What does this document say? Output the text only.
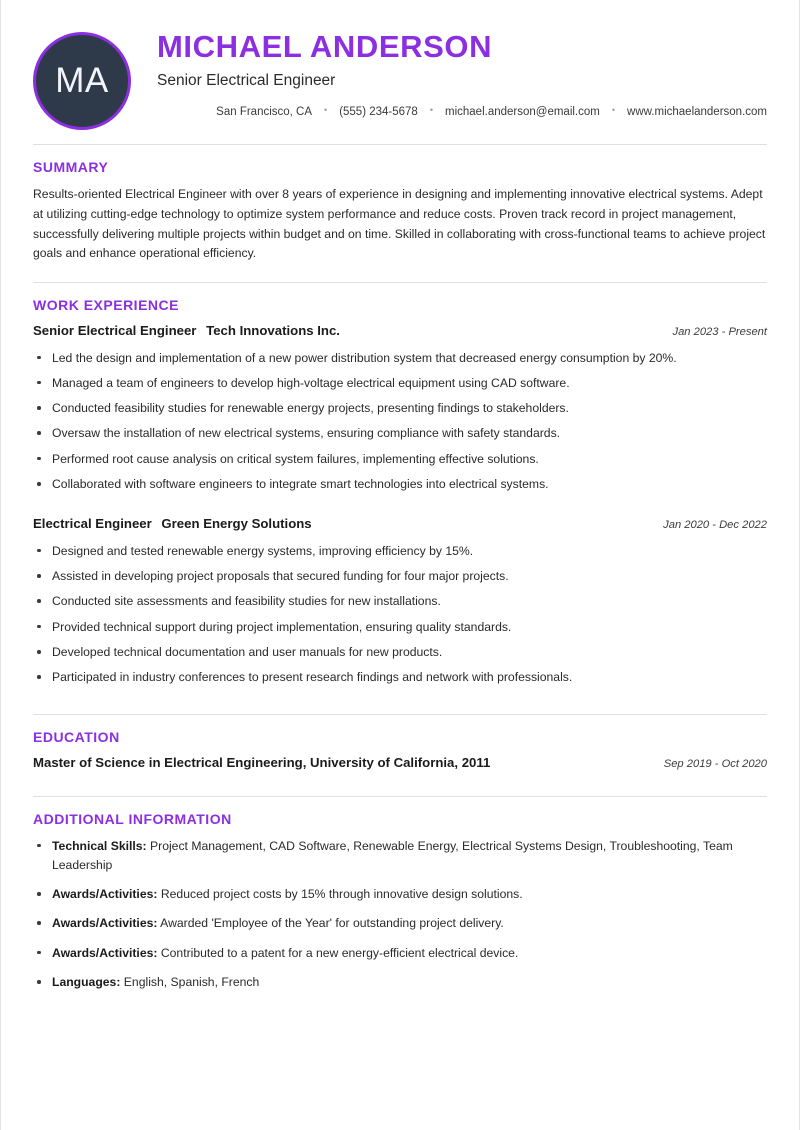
MA
MICHAEL ANDERSON
Senior Electrical Engineer
San Francisco, CA	•	(555) 234-5678	•	michael.anderson@email.com	•	www.michaelanderson.com
SUMMARY

Results-oriented Electrical Engineer with over 8 years of experience in designing and implementing innovative electrical systems. Adept at utilizing cutting-edge technology to optimize system performance and reduce costs. Proven track record in project management, successfully delivering multiple projects within budget and on time. Skilled in collaborating with cross-functional teams to achieve project goals and enhance operational efficiency.

WORK EXPERIENCE
Senior Electrical Engineer Tech Innovations Inc.	Jan 2023 - Present
Led the design and implementation of a new power distribution system that decreased energy consumption by 20%.
Managed a team of engineers to develop high-voltage electrical equipment using CAD software.
Conducted feasibility studies for renewable energy projects, presenting findings to stakeholders.
Oversaw the installation of new electrical systems, ensuring compliance with safety standards.
Performed root cause analysis on critical system failures, implementing effective solutions.
Collaborated with software engineers to integrate smart technologies into electrical systems.
Electrical Engineer Green Energy Solutions	Jan 2020 - Dec 2022
Designed and tested renewable energy systems, improving efficiency by 15%.
Assisted in developing project proposals that secured funding for four major projects.
Conducted site assessments and feasibility studies for new installations.
Provided technical support during project implementation, ensuring quality standards.
Developed technical documentation and user manuals for new products.
Participated in industry conferences to present research findings and network with professionals.
EDUCATION
Master of Science in Electrical Engineering, University of California, 2011	Sep 2019 - Oct 2020
ADDITIONAL INFORMATION
Technical Skills: Project Management, CAD Software, Renewable Energy, Electrical Systems Design, Troubleshooting, Team Leadership
Awards/Activities: Reduced project costs by 15% through innovative design solutions.
Awards/Activities: Awarded 'Employee of the Year' for outstanding project delivery.
Awards/Activities: Contributed to a patent for a new energy-efficient electrical device.
Languages: English, Spanish, French
